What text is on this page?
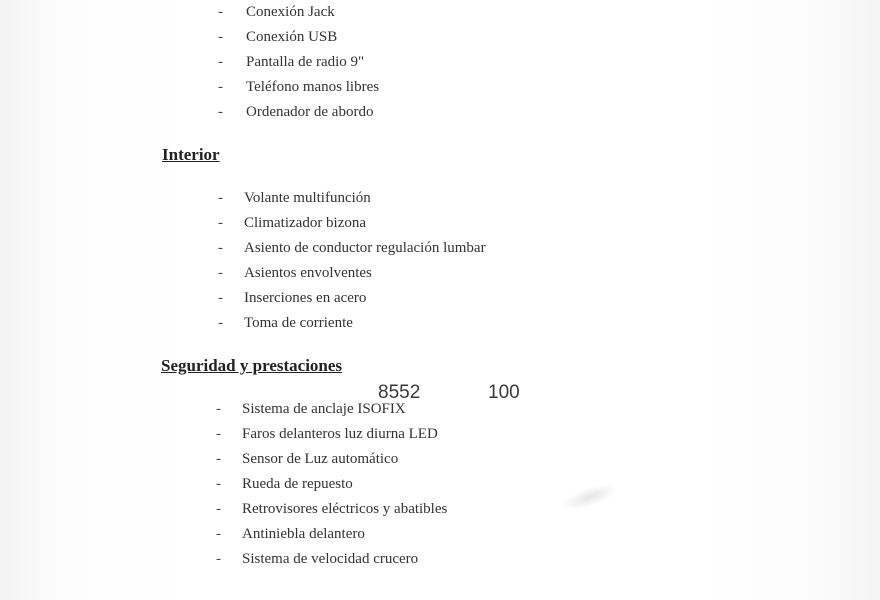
- Conexión Jack
- Conexión USB
- Pantalla de radio 9"
- Teléfono manos libres
- Ordenador de abordo
Interior
- Volante multifunción
- Climatizador bizona
- Asiento de conductor regulación lumbar
- Asientos envolventes
- Inserciones en acero
- Toma de corriente
Seguridad y prestaciones
8552	100
- Sistema de anclaje ISOFIX
- Faros delanteros luz diurna LED
- Sensor de Luz automático
- Rueda de repuesto
- Retrovisores eléctricos y abatibles
- Antiniebla delantero
- Sistema de velocidad crucero
